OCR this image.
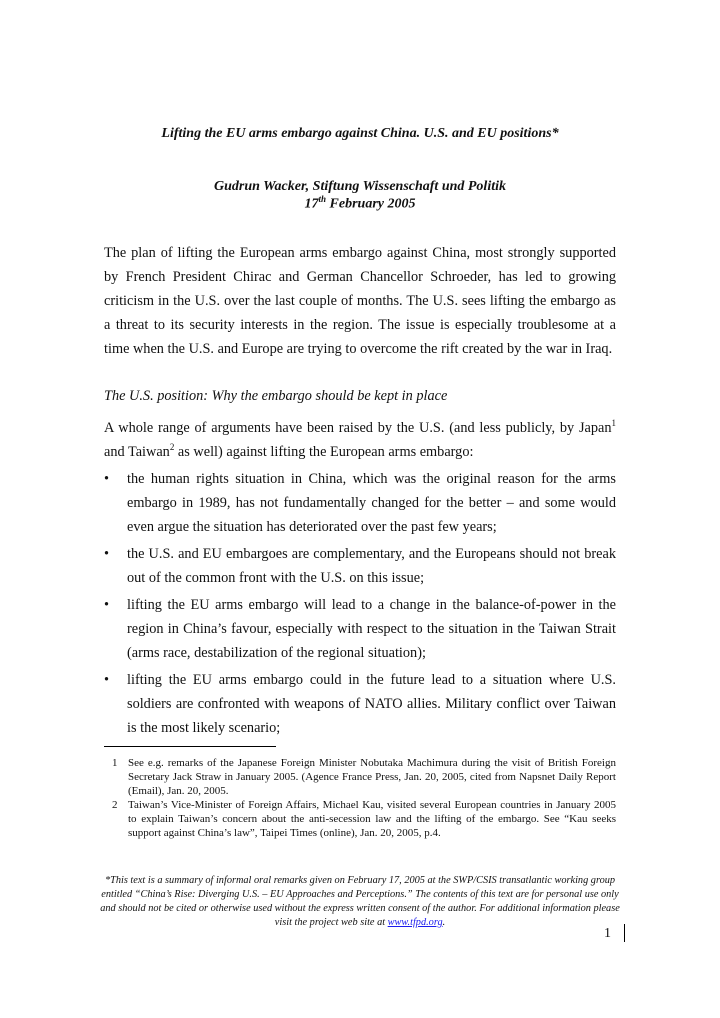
Lifting the EU arms embargo against China. U.S. and EU positions*
Gudrun Wacker, Stiftung Wissenschaft und Politik
17th February 2005
The plan of lifting the European arms embargo against China, most strongly supported by French President Chirac and German Chancellor Schroeder, has led to growing criticism in the U.S. over the last couple of months. The U.S. sees lifting the embargo as a threat to its security interests in the region. The issue is especially troublesome at a time when the U.S. and Europe are trying to overcome the rift created by the war in Iraq.
The U.S. position: Why the embargo should be kept in place
A whole range of arguments have been raised by the U.S. (and less publicly, by Japan$^1$ and Taiwan$^2$ as well) against lifting the European arms embargo:
• the human rights situation in China, which was the original reason for the arms embargo in 1989, has not fundamentally changed for the better – and some would even argue the situation has deteriorated over the past few years;
• the U.S. and EU embargoes are complementary, and the Europeans should not break out of the common front with the U.S. on this issue;
• lifting the EU arms embargo will lead to a change in the balance-of-power in the region in China’s favour, especially with respect to the situation in the Taiwan Strait (arms race, destabilization of the regional situation);
• lifting the EU arms embargo could in the future lead to a situation where U.S. soldiers are confronted with weapons of NATO allies. Military conflict over Taiwan is the most likely scenario;
1 See e.g. remarks of the Japanese Foreign Minister Nobutaka Machimura during the visit of British Foreign Secretary Jack Straw in January 2005. (Agence France Press, Jan. 20, 2005, cited from Napsnet Daily Report (Email), Jan. 20, 2005.
2 Taiwan’s Vice-Minister of Foreign Affairs, Michael Kau, visited several European countries in January 2005 to explain Taiwan’s concern about the anti-secession law and the lifting of the embargo. See “Kau seeks support against China’s law”, Taipei Times (online), Jan. 20, 2005, p.4.
*This text is a summary of informal oral remarks given on February 17, 2005 at the SWP/CSIS transatlantic working group entitled “China’s Rise: Diverging U.S. – EU Approaches and Perceptions.” The contents of this text are for personal use only and should not be cited or otherwise used without the express written consent of the author. For additional information please visit the project web site at www.tfpd.org.
1
